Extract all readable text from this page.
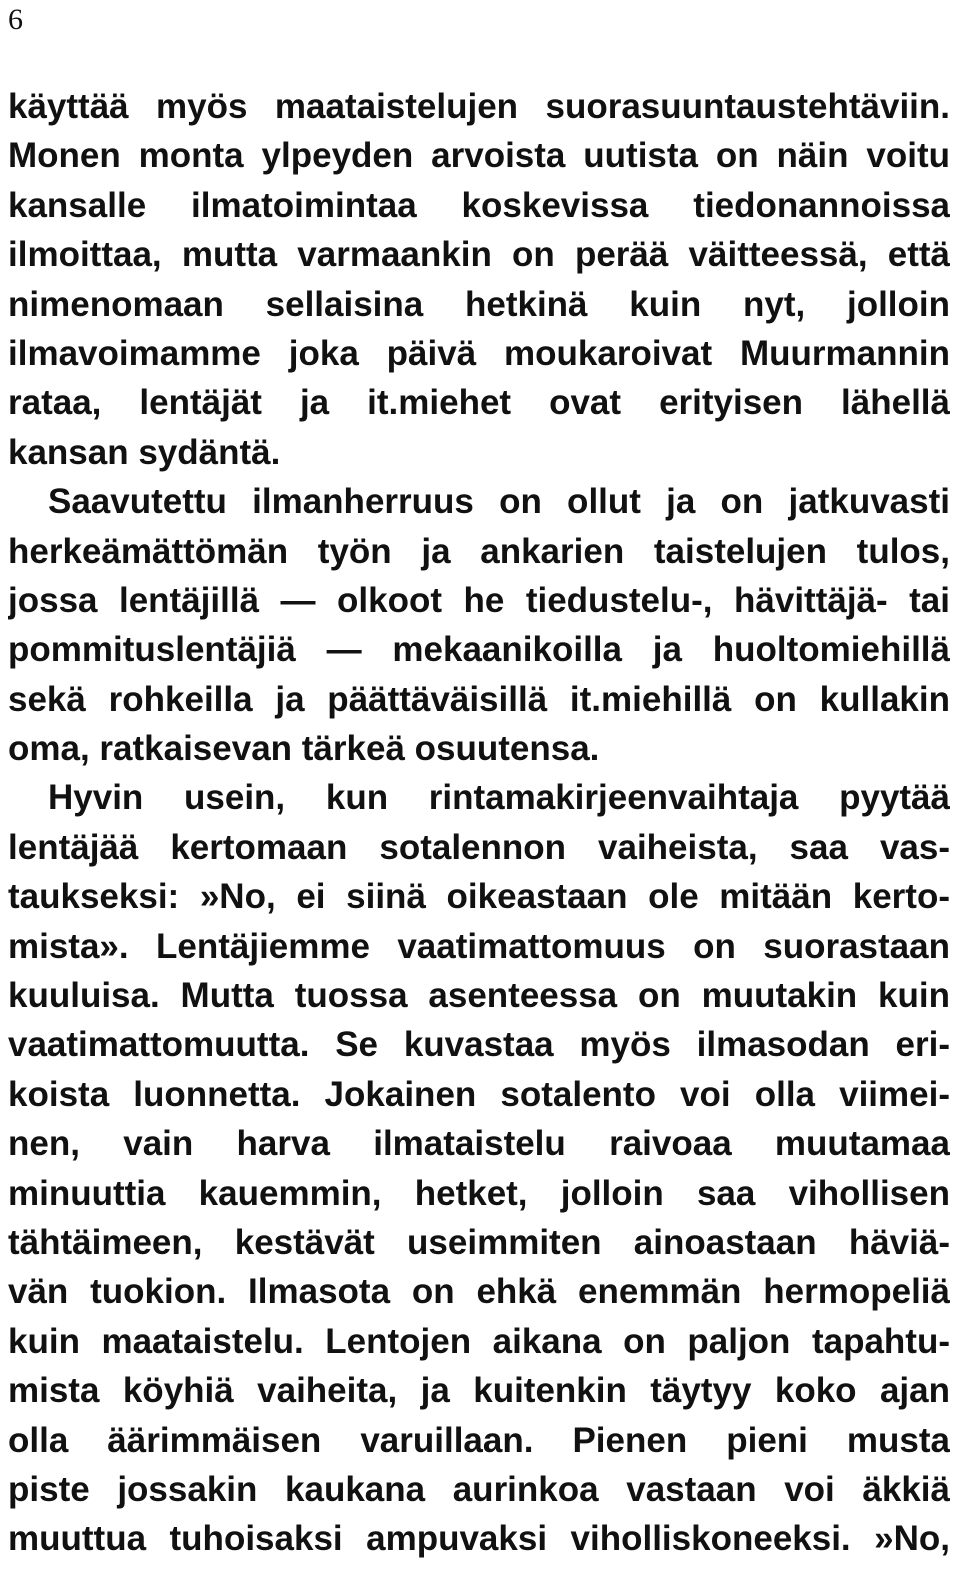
6
käyttää myös maataistelujen suorasuuntaustehtäviin.
Monen monta ylpeyden arvoista uutista on näin voitu
kansalle ilmatoimintaa koskevissa tiedonannoissa
ilmoittaa, mutta varmaankin on perää väitteessä, että
nimenomaan sellaisina hetkinä kuin nyt, jolloin
ilmavoimamme joka päivä moukaroivat Muurmannin
rataa, lentäjät ja it.miehet ovat erityisen lähellä
kansan sydäntä.
Saavutettu ilmanherruus on ollut ja on jatkuvasti
herkeämättömän työn ja ankarien taistelujen tulos,
jossa lentäjillä — olkoot he tiedustelu-, hävittäjä- tai
pommituslentäjiä — mekaanikoilla ja huoltomiehillä
sekä rohkeilla ja päättäväisillä it.miehillä on kullakin
oma, ratkaisevan tärkeä osuutensa.
Hyvin usein, kun rintamakirjeenvaihtaja pyytää
lentäjää kertomaan sotalennon vaiheista, saa vas-
taukseksi: »No, ei siinä oikeastaan ole mitään kerto-
mista». Lentäjiemme vaatimattomuus on suorastaan
kuuluisa. Mutta tuossa asenteessa on muutakin kuin
vaatimattomuutta. Se kuvastaa myös ilmasodan eri-
koista luonnetta. Jokainen sotalento voi olla viimei-
nen, vain harva ilmataistelu raivoaa muutamaa
minuuttia kauemmin, hetket, jolloin saa vihollisen
tähtäimeen, kestävät useimmiten ainoastaan häviä-
vän tuokion. Ilmasota on ehkä enemmän hermopeliä
kuin maataistelu. Lentojen aikana on paljon tapahtu-
mista köyhiä vaiheita, ja kuitenkin täytyy koko ajan
olla äärimmäisen varuillaan. Pienen pieni musta
piste jossakin kaukana aurinkoa vastaan voi äkkiä
muuttua tuhoisaksi ampuvaksi viholliskoneeksi. »No,
